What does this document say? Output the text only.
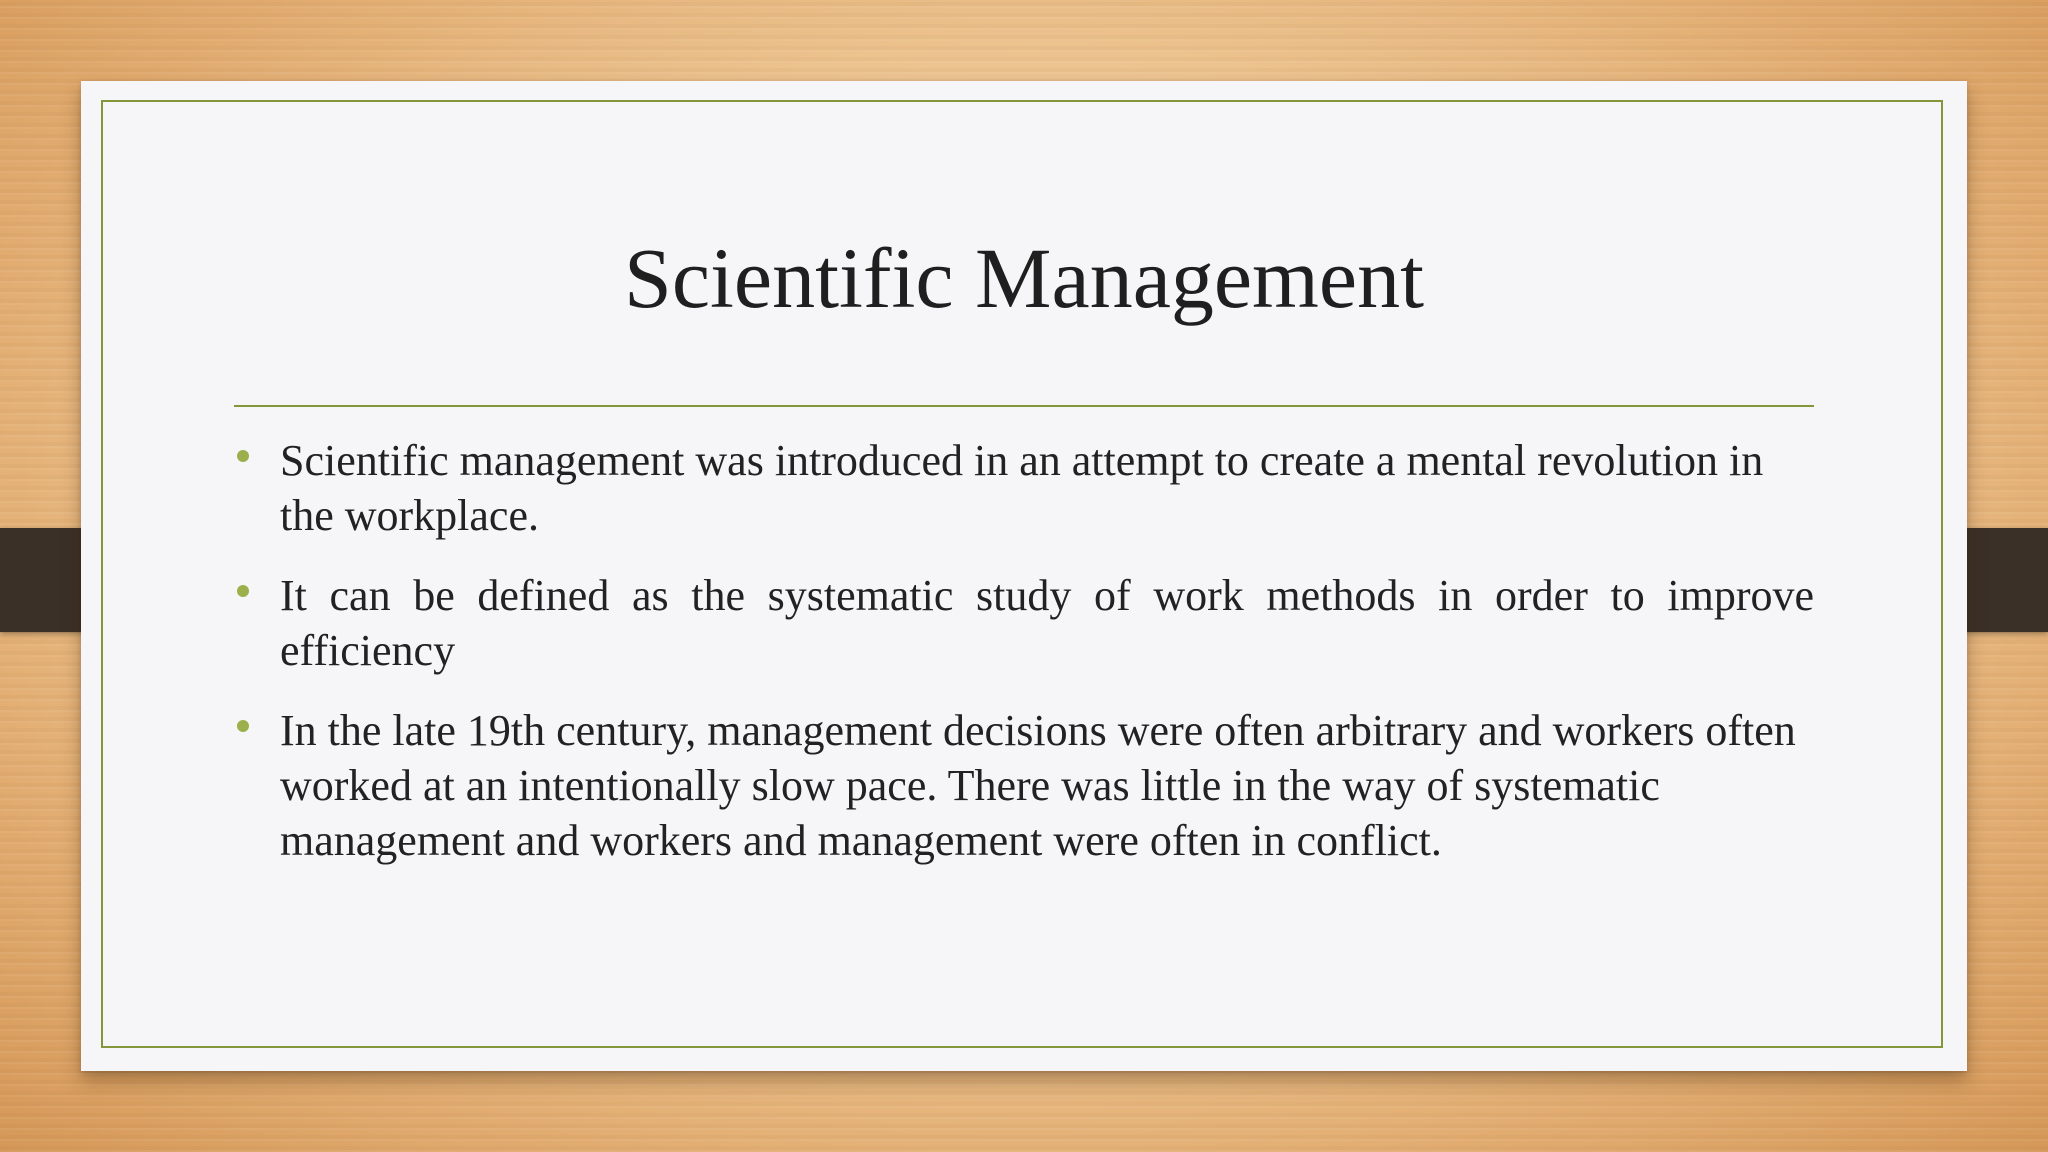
Scientific Management
Scientific management was introduced in an attempt to create a mental revolution in the workplace.
It can be defined as the systematic study of work methods in order to improve efficiency
In the late 19th century, management decisions were often arbitrary and workers often worked at an intentionally slow pace. There was little in the way of systematic management and workers and management were often in conflict.
